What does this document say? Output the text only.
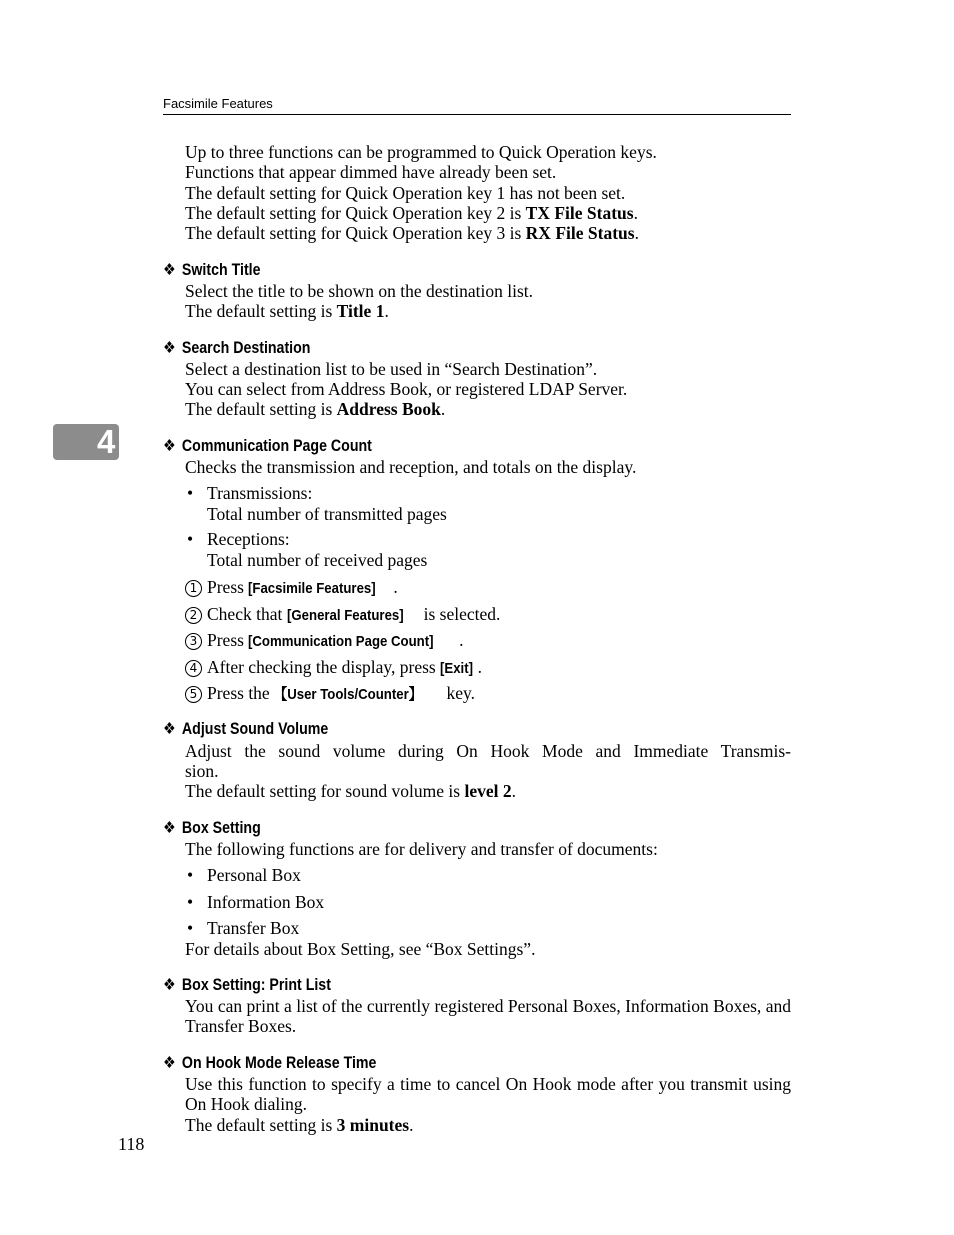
Facsimile Features
4

Up to three functions can be programmed to Quick Operation keys.

Functions that appear dimmed have already been set.

The default setting for Quick Operation key 1 has not been set.

The default setting for Quick Operation key 2 is TX File Status.

The default setting for Quick Operation key 3 is RX File Status.

❖ Switch Title

Select the title to be shown on the destination list.

The default setting is Title 1.

❖ Search Destination

Select a destination list to be used in “Search Destination”.

You can select from Address Book, or registered LDAP Server.

The default setting is Address Book.

❖ Communication Page Count

Checks the transmission and reception, and totals on the display.

• Transmissions:
Total number of transmitted pages
• Receptions:
Total number of received pages
1 Press [Facsimile Features] .
2 Check that [General Features] is selected.
3 Press [Communication Page Count] .
4 After checking the display, press [Exit] .
5 Press the 【User Tools/Counter】 key.
❖ Adjust Sound Volume
Adjust the sound volume during On Hook Mode and Immediate Transmis-
sion.

The default setting for sound volume is level 2.

❖ Box Setting

The following functions are for delivery and transfer of documents:

• Personal Box
• Information Box
• Transfer Box

For details about Box Setting, see “Box Settings”.

❖ Box Setting: Print List

You can print a list of the currently registered Personal Boxes, Information Boxes, and Transfer Boxes.

❖ On Hook Mode Release Time

Use this function to specify a time to cancel On Hook mode after you transmit using On Hook dialing.

The default setting is 3 minutes.

118
